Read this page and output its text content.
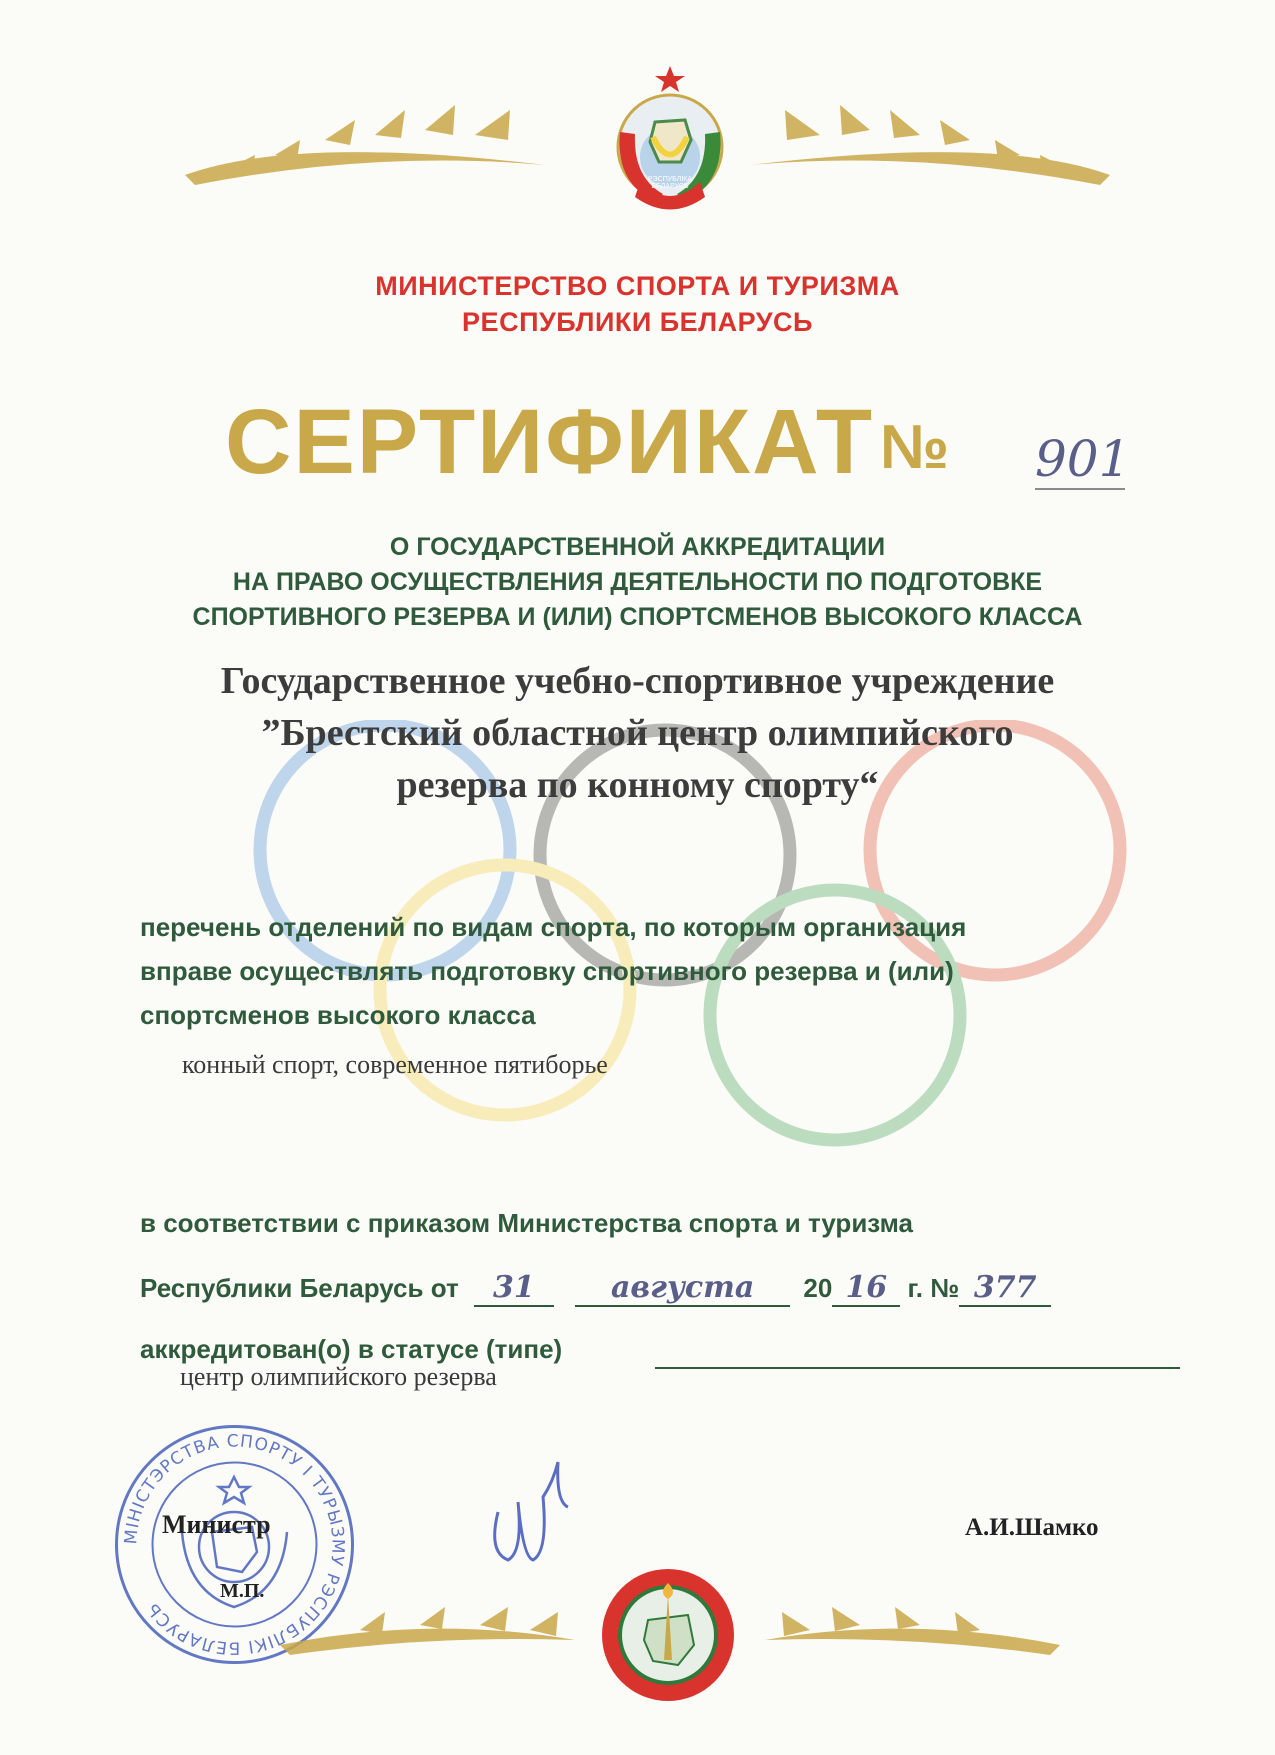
РЭСПУБЛІКА
БЕЛАРУСЬ
МИНИСТЕРСТВО СПОРТА И ТУРИЗМА
РЕСПУБЛИКИ БЕЛАРУСЬ
СЕРТИФИКАТ № 901
О ГОСУДАРСТВЕННОЙ АККРЕДИТАЦИИ
НА ПРАВО ОСУЩЕСТВЛЕНИЯ ДЕЯТЕЛЬНОСТИ ПО ПОДГОТОВКЕ
СПОРТИВНОГО РЕЗЕРВА И (ИЛИ) СПОРТСМЕНОВ ВЫСОКОГО КЛАССА
Государственное учебно-спортивное учреждение
”Брестский областной центр олимпийского
резерва по конному спорту“
перечень отделений по видам спорта, по которым организация
вправе осуществлять подготовку спортивного резерва и (или)
спортсменов высокого класса
конный спорт, современное пятиборье
в соответствии с приказом Министерства спорта и туризма
Республики Беларусь от 31	августа 20 16 г. № 377
аккредитован(о) в статусе (типе)
центр олимпийского резерва
МІНІСТЭРСТВА СПОРТУ І ТУРЫЗМУ РЭСПУБЛІКІ БЕЛАРУСЬ
Министр
М.П.
А.И.Шамко
